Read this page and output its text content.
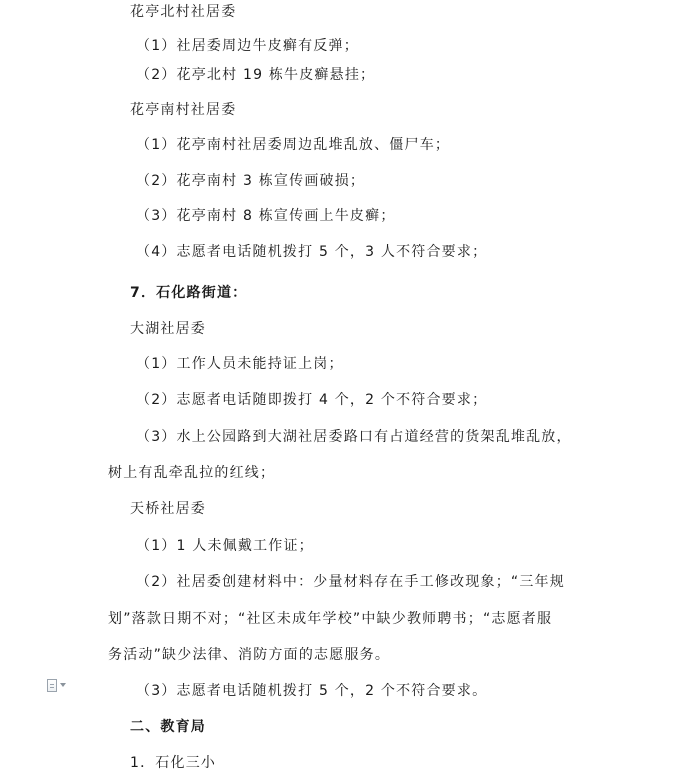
花亭北村社居委
（1）社居委周边牛皮癣有反弹；
（2）花亭北村 19 栋牛皮癣悬挂；
花亭南村社居委
（1）花亭南村社居委周边乱堆乱放、僵尸车；
（2）花亭南村 3 栋宣传画破损；
（3）花亭南村 8 栋宣传画上牛皮癣；
（4）志愿者电话随机拨打 5 个，3 人不符合要求；
7．石化路街道：
大湖社居委
（1）工作人员未能持证上岗；
（2）志愿者电话随即拨打 4 个，2 个不符合要求；
（3）水上公园路到大湖社居委路口有占道经营的货架乱堆乱放，
树上有乱牵乱拉的红线；
天桥社居委
（1）1 人未佩戴工作证；
（2）社居委创建材料中：少量材料存在手工修改现象；“三年规
划”落款日期不对；“社区未成年学校”中缺少教师聘书；“志愿者服
务活动”缺少法律、消防方面的志愿服务。
（3）志愿者电话随机拨打 5 个，2 个不符合要求。
二、教育局
1．石化三小
